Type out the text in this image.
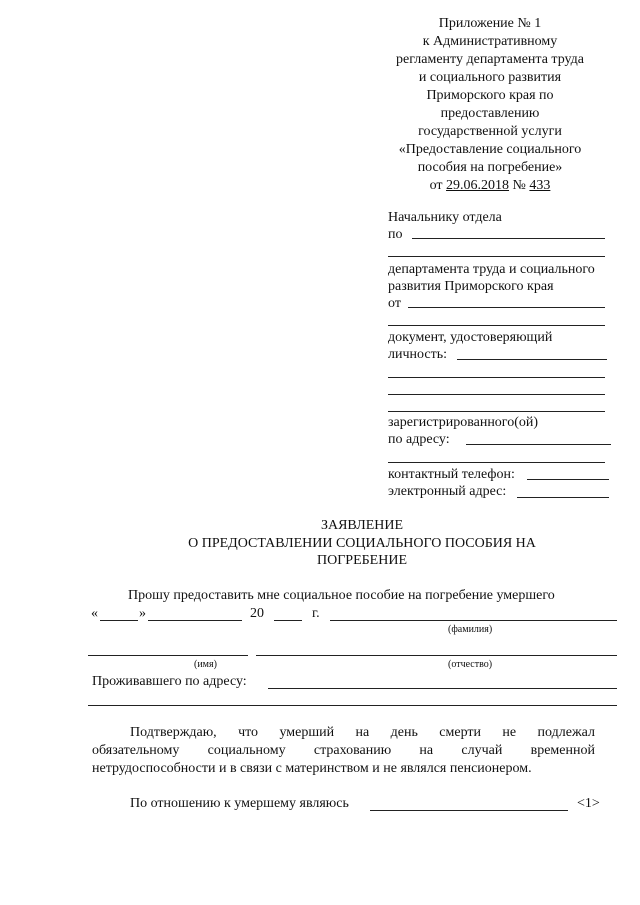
Приложение № 1
к Административному
регламенту департамента труда
и социального развития
Приморского края по
предоставлению
государственной услуги
«Предоставление социального
пособия на погребение»
от 29.06.2018 № 433
Начальнику отдела
по
департамента труда и социального
развития Приморского края
от
документ, удостоверяющий
личность:
зарегистрированного(ой)
по адресу:
контактный телефон:
электронный адрес:
ЗАЯВЛЕНИЕ
О ПРЕДОСТАВЛЕНИИ СОЦИАЛЬНОГО ПОСОБИЯ НА
ПОГРЕБЕНИЕ
Прошу предоставить мне социальное пособие на погребение умершего
«	»	20	г.
(фамилия)
(имя)	(отчество)
Проживавшего по адресу:
Подтверждаю, что умерший на день смерти не подлежал
обязательному социальному страхованию на случай временной
нетрудоспособности и в связи с материнством и не являлся пенсионером.
По отношению к умершему являюсь	<1>
